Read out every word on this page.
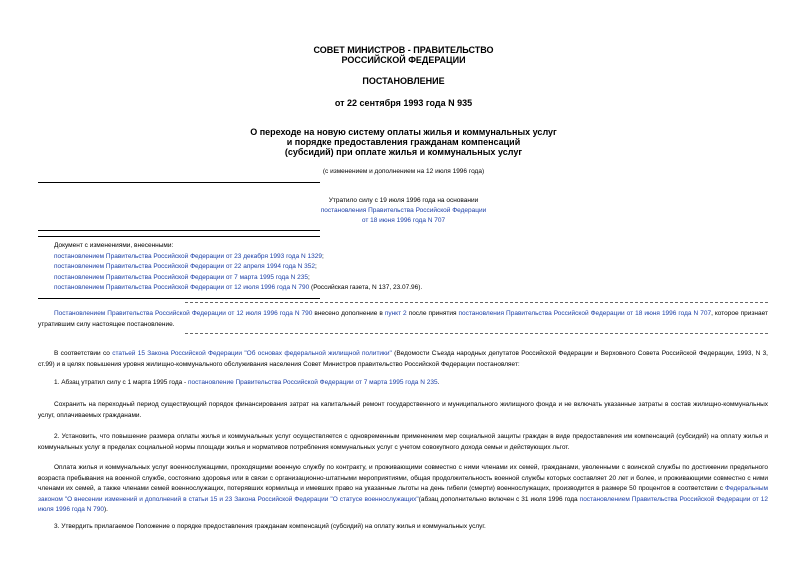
СОВЕТ МИНИСТРОВ - ПРАВИТЕЛЬСТВО
РОССИЙСКОЙ ФЕДЕРАЦИИ
ПОСТАНОВЛЕНИЕ
от 22 сентября 1993 года N 935
О переходе на новую систему оплаты жилья и коммунальных услуг
и порядке предоставления гражданам компенсаций
(субсидий) при оплате жилья и коммунальных услуг
(с изменением и дополнением на 12 июля 1996 года)
Утратило силу с 19 июля 1996 года на основании
постановления Правительства Российской Федерации
от 18 июня 1996 года N 707
Документ с изменениями, внесенными:
постановлением Правительства Российской Федерации от 23 декабря 1993 года N 1329;
постановлением Правительства Российской Федерации от 22 апреля 1994 года N 352;
постановлением Правительства Российской Федерации от 7 марта 1995 года N 235;
постановлением Правительства Российской Федерации от 12 июля 1996 года N 790 (Российская газета, N 137, 23.07.96).
Постановлением Правительства Российской Федерации от 12 июля 1996 года N 790 внесено дополнение в пункт 2 после принятия постановления Правительства Российской Федерации от 18 июня 1996 года N 707, которое признает утратившим силу настоящее постановление.
В соответствии со статьей 15 Закона Российской Федерации "Об основах федеральной жилищной политики" (Ведомости Съезда народных депутатов Российской Федерации и Верховного Совета Российской Федерации, 1993, N 3, ст.99) и в целях повышения уровня жилищно-коммунального обслуживания населения Совет Министров правительство Российской Федерации постановляет:
1. Абзац утратил силу с 1 марта 1995 года - постановление Правительства Российской Федерации от 7 марта 1995 года N 235.
Сохранить на переходный период существующий порядок финансирования затрат на капитальный ремонт государственного и муниципального жилищного фонда и не включать указанные затраты в состав жилищно-коммунальных услуг, оплачиваемых гражданами.
2. Установить, что повышение размера оплаты жилья и коммунальных услуг осуществляется с одновременным применением мер социальной защиты граждан в виде предоставления им компенсаций (субсидий) на оплату жилья и коммунальных услуг в пределах социальной нормы площади жилья и нормативов потребления коммунальных услуг с учетом совокупного дохода семьи и действующих льгот.
Оплата жилья и коммунальных услуг военнослужащими, проходящими военную службу по контракту, и проживающими совместно с ними членами их семей, гражданами, уволенными с воинской службы по достижении предельного возраста пребывания на военной службе, состоянию здоровья или в связи с организационно-штатными мероприятиями, общая продолжительность военной службы которых составляет 20 лет и более, и проживающими совместно с ними членами их семей, а также членами семей военнослужащих, потерявших кормильца и имевших право на указанные льготы на день гибели (смерти) военнослужащих, производится в размере 50 процентов в соответствии с Федеральным законом "О внесении изменений и дополнений в статьи 15 и 23 Закона Российской Федерации "О статусе военнослужащих"(абзац дополнительно включен с 31 июля 1996 года постановлением Правительства Российской Федерации от 12 июля 1996 года N 790).
3. Утвердить прилагаемое Положение о порядке предоставления гражданам компенсаций (субсидий) на оплату жилья и коммунальных услуг.
